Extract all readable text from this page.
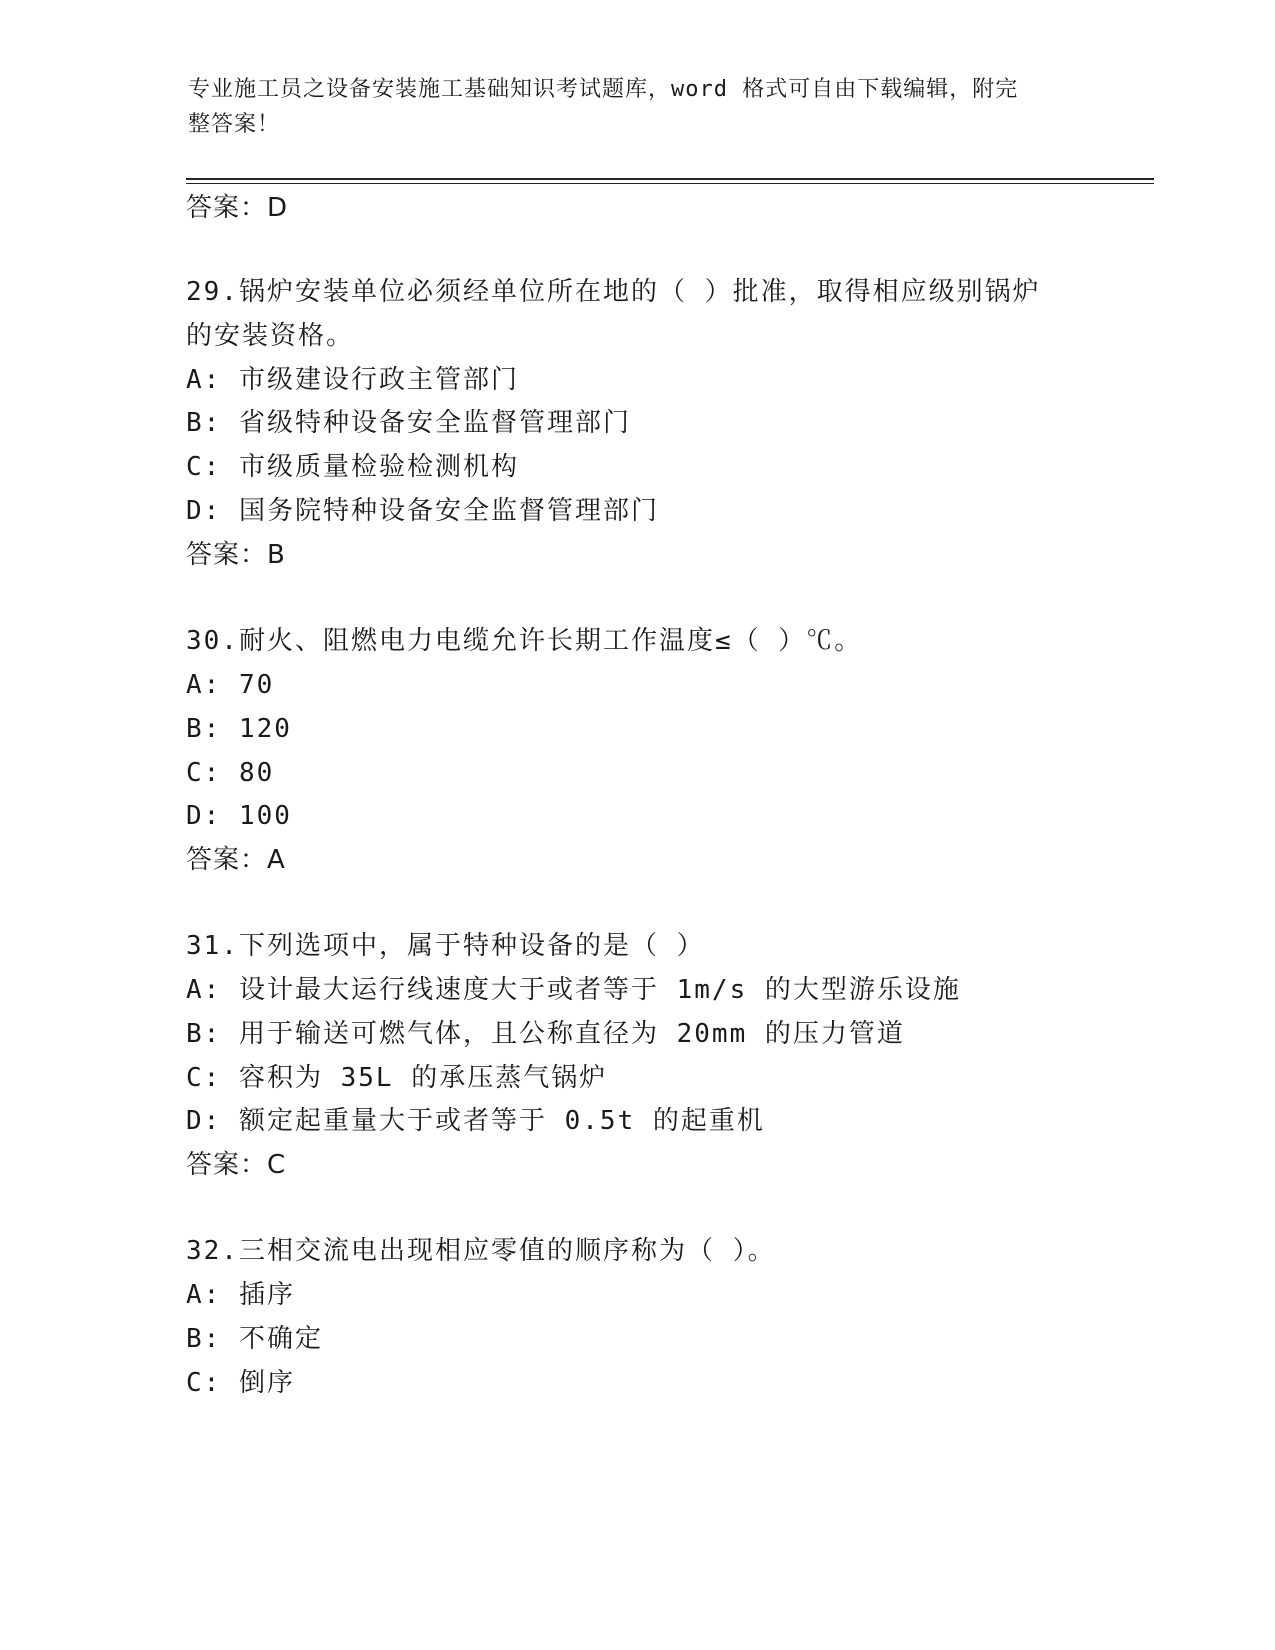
专业施工员之设备安装施工基础知识考试题库，word 格式可自由下载编辑，附完
整答案！
答案：D
29.锅炉安装单位必须经单位所在地的（ ）批准，取得相应级别锅炉
的安装资格。
A: 市级建设行政主管部门
B: 省级特种设备安全监督管理部门
C: 市级质量检验检测机构
D: 国务院特种设备安全监督管理部门
答案：B
30.耐火、阻燃电力电缆允许长期工作温度≤（ ）℃。
A: 70
B: 120
C: 80
D: 100
答案：A
31.下列选项中，属于特种设备的是（ ）
A: 设计最大运行线速度大于或者等于 1m/s 的大型游乐设施
B: 用于输送可燃气体，且公称直径为 20mm 的压力管道
C: 容积为 35L 的承压蒸气锅炉
D: 额定起重量大于或者等于 0.5t 的起重机
答案：C
32.三相交流电出现相应零值的顺序称为（ ）。
A: 插序
B: 不确定
C: 倒序
